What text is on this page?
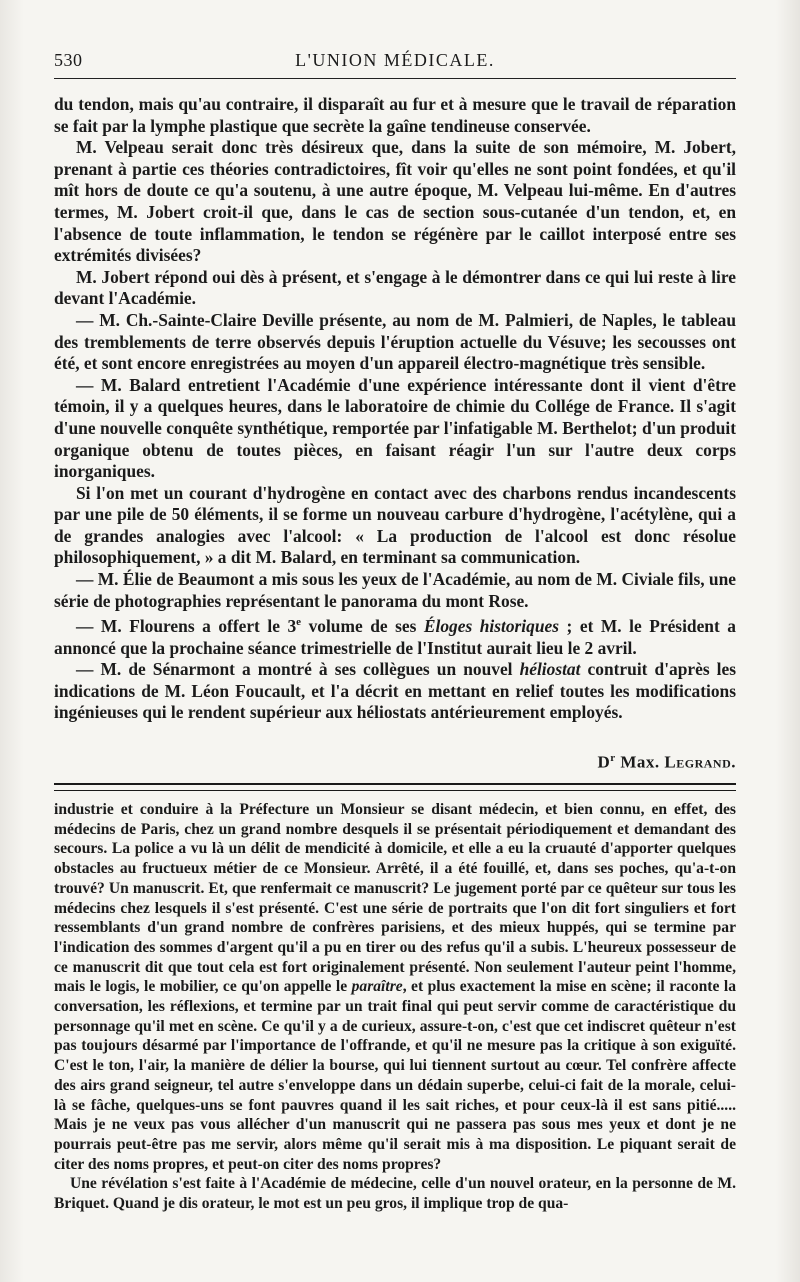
530	L'UNION MÉDICALE.

du tendon, mais qu'au contraire, il disparaît au fur et à mesure que le travail de réparation se fait par la lymphe plastique que secrète la gaîne tendineuse conservée.

M. Velpeau serait donc très désireux que, dans la suite de son mémoire, M. Jobert, prenant à partie ces théories contradictoires, fît voir qu'elles ne sont point fondées, et qu'il mît hors de doute ce qu'a soutenu, à une autre époque, M. Velpeau lui-même. En d'autres termes, M. Jobert croit-il que, dans le cas de section sous-cutanée d'un tendon, et, en l'absence de toute inflammation, le tendon se régénère par le caillot interposé entre ses extrémités divisées?

M. Jobert répond oui dès à présent, et s'engage à le démontrer dans ce qui lui reste à lire devant l'Académie.

— M. Ch.-Sainte-Claire Deville présente, au nom de M. Palmieri, de Naples, le tableau des tremblements de terre observés depuis l'éruption actuelle du Vésuve; les secousses ont été, et sont encore enregistrées au moyen d'un appareil électro-magnétique très sensible.

— M. Balard entretient l'Académie d'une expérience intéressante dont il vient d'être témoin, il y a quelques heures, dans le laboratoire de chimie du Collége de France. Il s'agit d'une nouvelle conquête synthétique, remportée par l'infatigable M. Berthelot; d'un produit organique obtenu de toutes pièces, en faisant réagir l'un sur l'autre deux corps inorganiques.

Si l'on met un courant d'hydrogène en contact avec des charbons rendus incandescents par une pile de 50 éléments, il se forme un nouveau carbure d'hydrogène, l'acétylène, qui a de grandes analogies avec l'alcool: « La production de l'alcool est donc résolue philosophiquement, » a dit M. Balard, en terminant sa communication.

— M. Élie de Beaumont a mis sous les yeux de l'Académie, au nom de M. Civiale fils, une série de photographies représentant le panorama du mont Rose.

— M. Flourens a offert le 3e volume de ses Éloges historiques ; et M. le Président a annoncé que la prochaine séance trimestrielle de l'Institut aurait lieu le 2 avril.

— M. de Sénarmont a montré à ses collègues un nouvel héliostat contruit d'après les indications de M. Léon Foucault, et l'a décrit en mettant en relief toutes les modifications ingénieuses qui le rendent supérieur aux héliostats antérieurement employés.

$D^r$ Max. Legrand.

industrie et conduire à la Préfecture un Monsieur se disant médecin, et bien connu, en effet, des médecins de Paris, chez un grand nombre desquels il se présentait périodiquement et demandant des secours. La police a vu là un délit de mendicité à domicile, et elle a eu la cruauté d'apporter quelques obstacles au fructueux métier de ce Monsieur. Arrêté, il a été fouillé, et, dans ses poches, qu'a-t-on trouvé? Un manuscrit. Et, que renfermait ce manuscrit? Le jugement porté par ce quêteur sur tous les médecins chez lesquels il s'est présenté. C'est une série de portraits que l'on dit fort singuliers et fort ressemblants d'un grand nombre de confrères parisiens, et des mieux huppés, qui se termine par l'indication des sommes d'argent qu'il a pu en tirer ou des refus qu'il a subis. L'heureux possesseur de ce manuscrit dit que tout cela est fort originalement présenté. Non seulement l'auteur peint l'homme, mais le logis, le mobilier, ce qu'on appelle le paraître, et plus exactement la mise en scène; il raconte la conversation, les réflexions, et termine par un trait final qui peut servir comme de caractéristique du personnage qu'il met en scène. Ce qu'il y a de curieux, assure-t-on, c'est que cet indiscret quêteur n'est pas toujours désarmé par l'importance de l'offrande, et qu'il ne mesure pas la critique à son exiguïté. C'est le ton, l'air, la manière de délier la bourse, qui lui tiennent surtout au cœur. Tel confrère affecte des airs grand seigneur, tel autre s'enveloppe dans un dédain superbe, celui-ci fait de la morale, celui-là se fâche, quelques-uns se font pauvres quand il les sait riches, et pour ceux-là il est sans pitié..... Mais je ne veux pas vous allécher d'un manuscrit qui ne passera pas sous mes yeux et dont je ne pourrais peut-être pas me servir, alors même qu'il serait mis à ma disposition. Le piquant serait de citer des noms propres, et peut-on citer des noms propres?

Une révélation s'est faite à l'Académie de médecine, celle d'un nouvel orateur, en la personne de M. Briquet. Quand je dis orateur, le mot est un peu gros, il implique trop de qua-
